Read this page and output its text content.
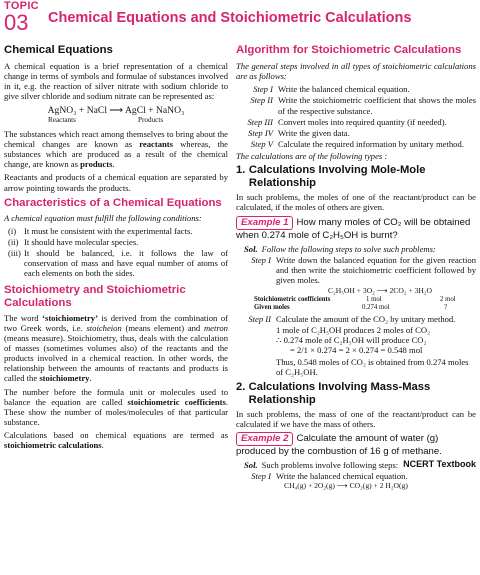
TOPIC
03	Chemical Equations and Stoichiometric Calculations
Chemical Equations

A chemical equation is a brief representation of a chemical change in terms of symbols and formulae of substances involved in it, e.g. the reaction of silver nitrate with sodium chloride to give silver chloride and sodium nitrate can be represented as:

AgNO₃ + NaCl ⟶ AgCl + NaNO₃
Reactants	Products

The substances which react among themselves to bring about the chemical changes are known as reactants whereas, the substances which are produced as a result of the chemical change, are known as products.

Reactants and products of a chemical equation are separated by arrow pointing towards the products.

Characteristics of a Chemical Equations

A chemical equation must fulfill the following conditions:

(i) It must be consistent with the experimental facts.
(ii) It should have molecular species.
(iii) It should be balanced, i.e. it follows the law of conservation of mass and have equal number of atoms of each elements on both the sides.
Stoichiometry and Stoichiometric Calculations

The word ‘stoichiometry’ is derived from the combination of two Greek words, i.e. stoicheion (means element) and metron (means measure). Stoichiometry, thus, deals with the calculation of masses (sometimes volumes also) of the reactants and the products involved in a chemical reaction. In other words, the relationship between the amounts of reactants and products is called the stoichiometry.

The number before the formula unit or molecules used to balance the equation are called stoichiometric coefficients. These show the number of moles/molecules of that particular substance.

Calculations based on chemical equations are termed as stoichiometric calculations.

Algorithm for Stoichiometric Calculations

The general steps involved in all types of stoichiometric calculations are as follows:

Step I Write the balanced chemical equation.
Step II Write the stoichiometric coefficient that shows the moles of the respective substance.
Step III Convert moles into required quantity (if needed).
Step IV Write the given data.
Step V Calculate the required information by unitary method.

The calculations are of the following types :

1. Calculations Involving Mole-Mole Relationship

In such problems, the moles of one of the reactant/product can be calculated, if the moles of others are given.

Example 1 How many moles of CO₂ will be obtained when 0.274 mole of C₂H₅OH is burnt?

Sol. Follow the following steps to solve such problems:

Step I Write down the balanced equation for the given reaction and then write the stoichiometric coefficient followed by given moles.
C₂H₅OH + 3O₂ ⟶ 2CO₂ + 3H₂O
Stoichiometric coefficients	1 mol	2 mol
Given moles	0.274 mol	?
Step II Calculate the amount of the CO₂ by unitary method.
1 mole of C₂H₅OH produces 2 moles of CO₂
∴ 0.274 mole of C₂H₅OH will produce CO₂
= 2/1 × 0.274 = 2 × 0.274 = 0.548 mol
Thus, 0.548 moles of CO₂ is obtained from 0.274 moles of C₂H₅OH.
2. Calculations Involving Mass-Mass Relationship

In such problems, the mass of one of the reactant/product can be calculated if we have the mass of others.

Example 2 Calculate the amount of water (g) produced by the combustion of 16 g of methane.
NCERT Textbook

Sol. Such problems involve following steps:

Step I Write the balanced chemical equation.
CH₄(g) + 2O₂(g) ⟶ CO₂(g) + 2 H₂O(g)
